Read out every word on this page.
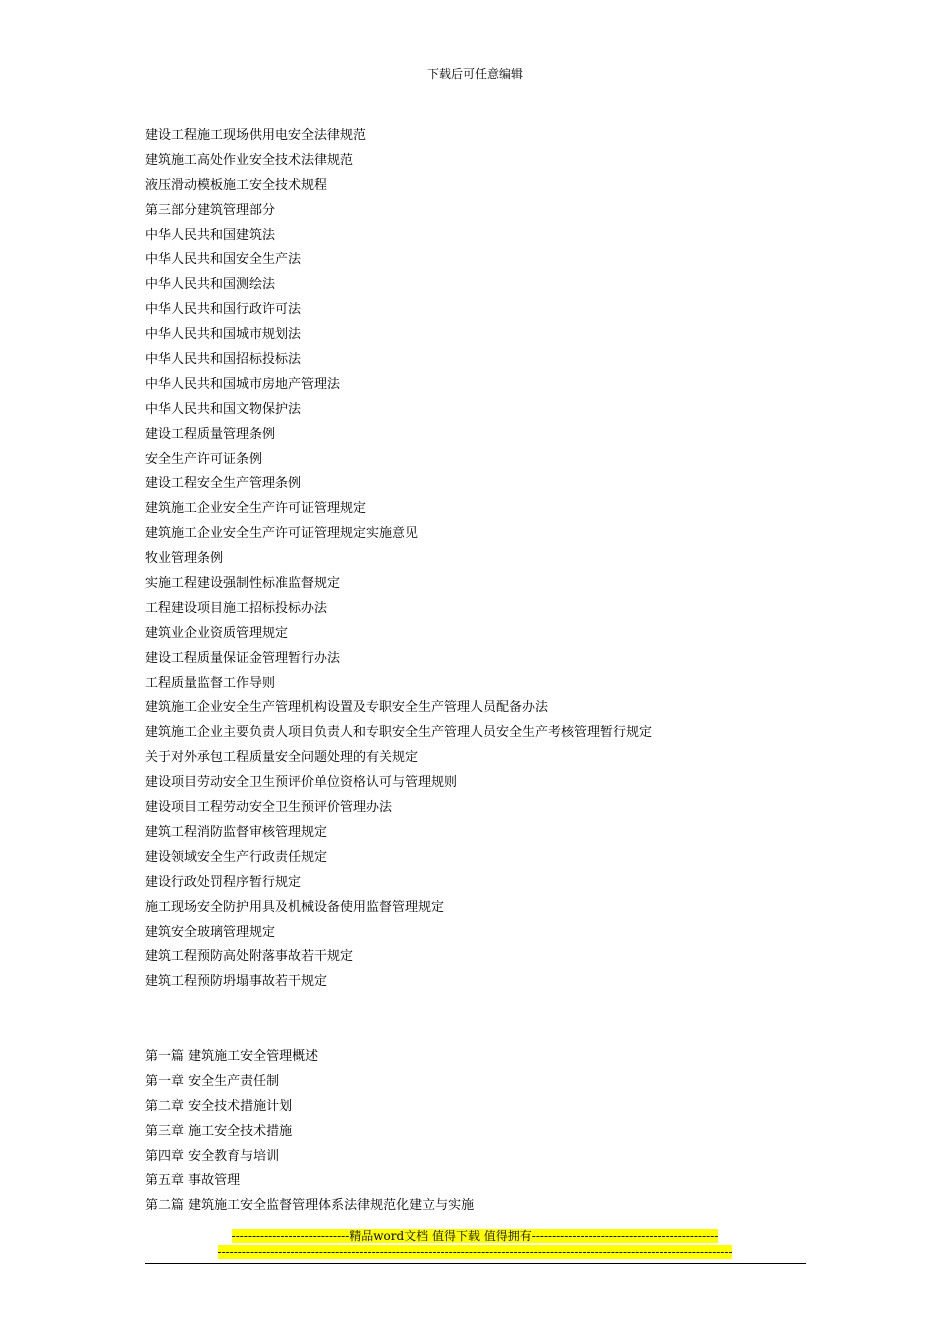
下载后可任意编辑
建设工程施工现场供用电安全法律规范
建筑施工高处作业安全技术法律规范
液压滑动模板施工安全技术规程
第三部分建筑管理部分
中华人民共和国建筑法
中华人民共和国安全生产法
中华人民共和国测绘法
中华人民共和国行政许可法
中华人民共和国城市规划法
中华人民共和国招标投标法
中华人民共和国城市房地产管理法
中华人民共和国文物保护法
建设工程质量管理条例
安全生产许可证条例
建设工程安全生产管理条例
建筑施工企业安全生产许可证管理规定
建筑施工企业安全生产许可证管理规定实施意见
牧业管理条例
实施工程建设强制性标准监督规定
工程建设项目施工招标投标办法
建筑业企业资质管理规定
建设工程质量保证金管理暂行办法
工程质量监督工作导则
建筑施工企业安全生产管理机构设置及专职安全生产管理人员配备办法
建筑施工企业主要负责人项目负责人和专职安全生产管理人员安全生产考核管理暂行规定
关于对外承包工程质量安全问题处理的有关规定
建设项目劳动安全卫生预评价单位资格认可与管理规则
建设项目工程劳动安全卫生预评价管理办法
建筑工程消防监督审核管理规定
建设领域安全生产行政责任规定
建设行政处罚程序暂行规定
施工现场安全防护用具及机械设备使用监督管理规定
建筑安全玻璃管理规定
建筑工程预防高处附落事故若干规定
建筑工程预防坍塌事故若干规定
第一篇 建筑施工安全管理概述
第一章 安全生产责任制
第二章 安全技术措施计划
第三章 施工安全技术措施
第四章 安全教育与培训
第五章 事故管理
第二篇 建筑施工安全监督管理体系法律规范化建立与实施
-----------------------------精品word文档 值得下载 值得拥有----------------------------------------------
-------------------------------------------------------------------------------------------------------------------------------
